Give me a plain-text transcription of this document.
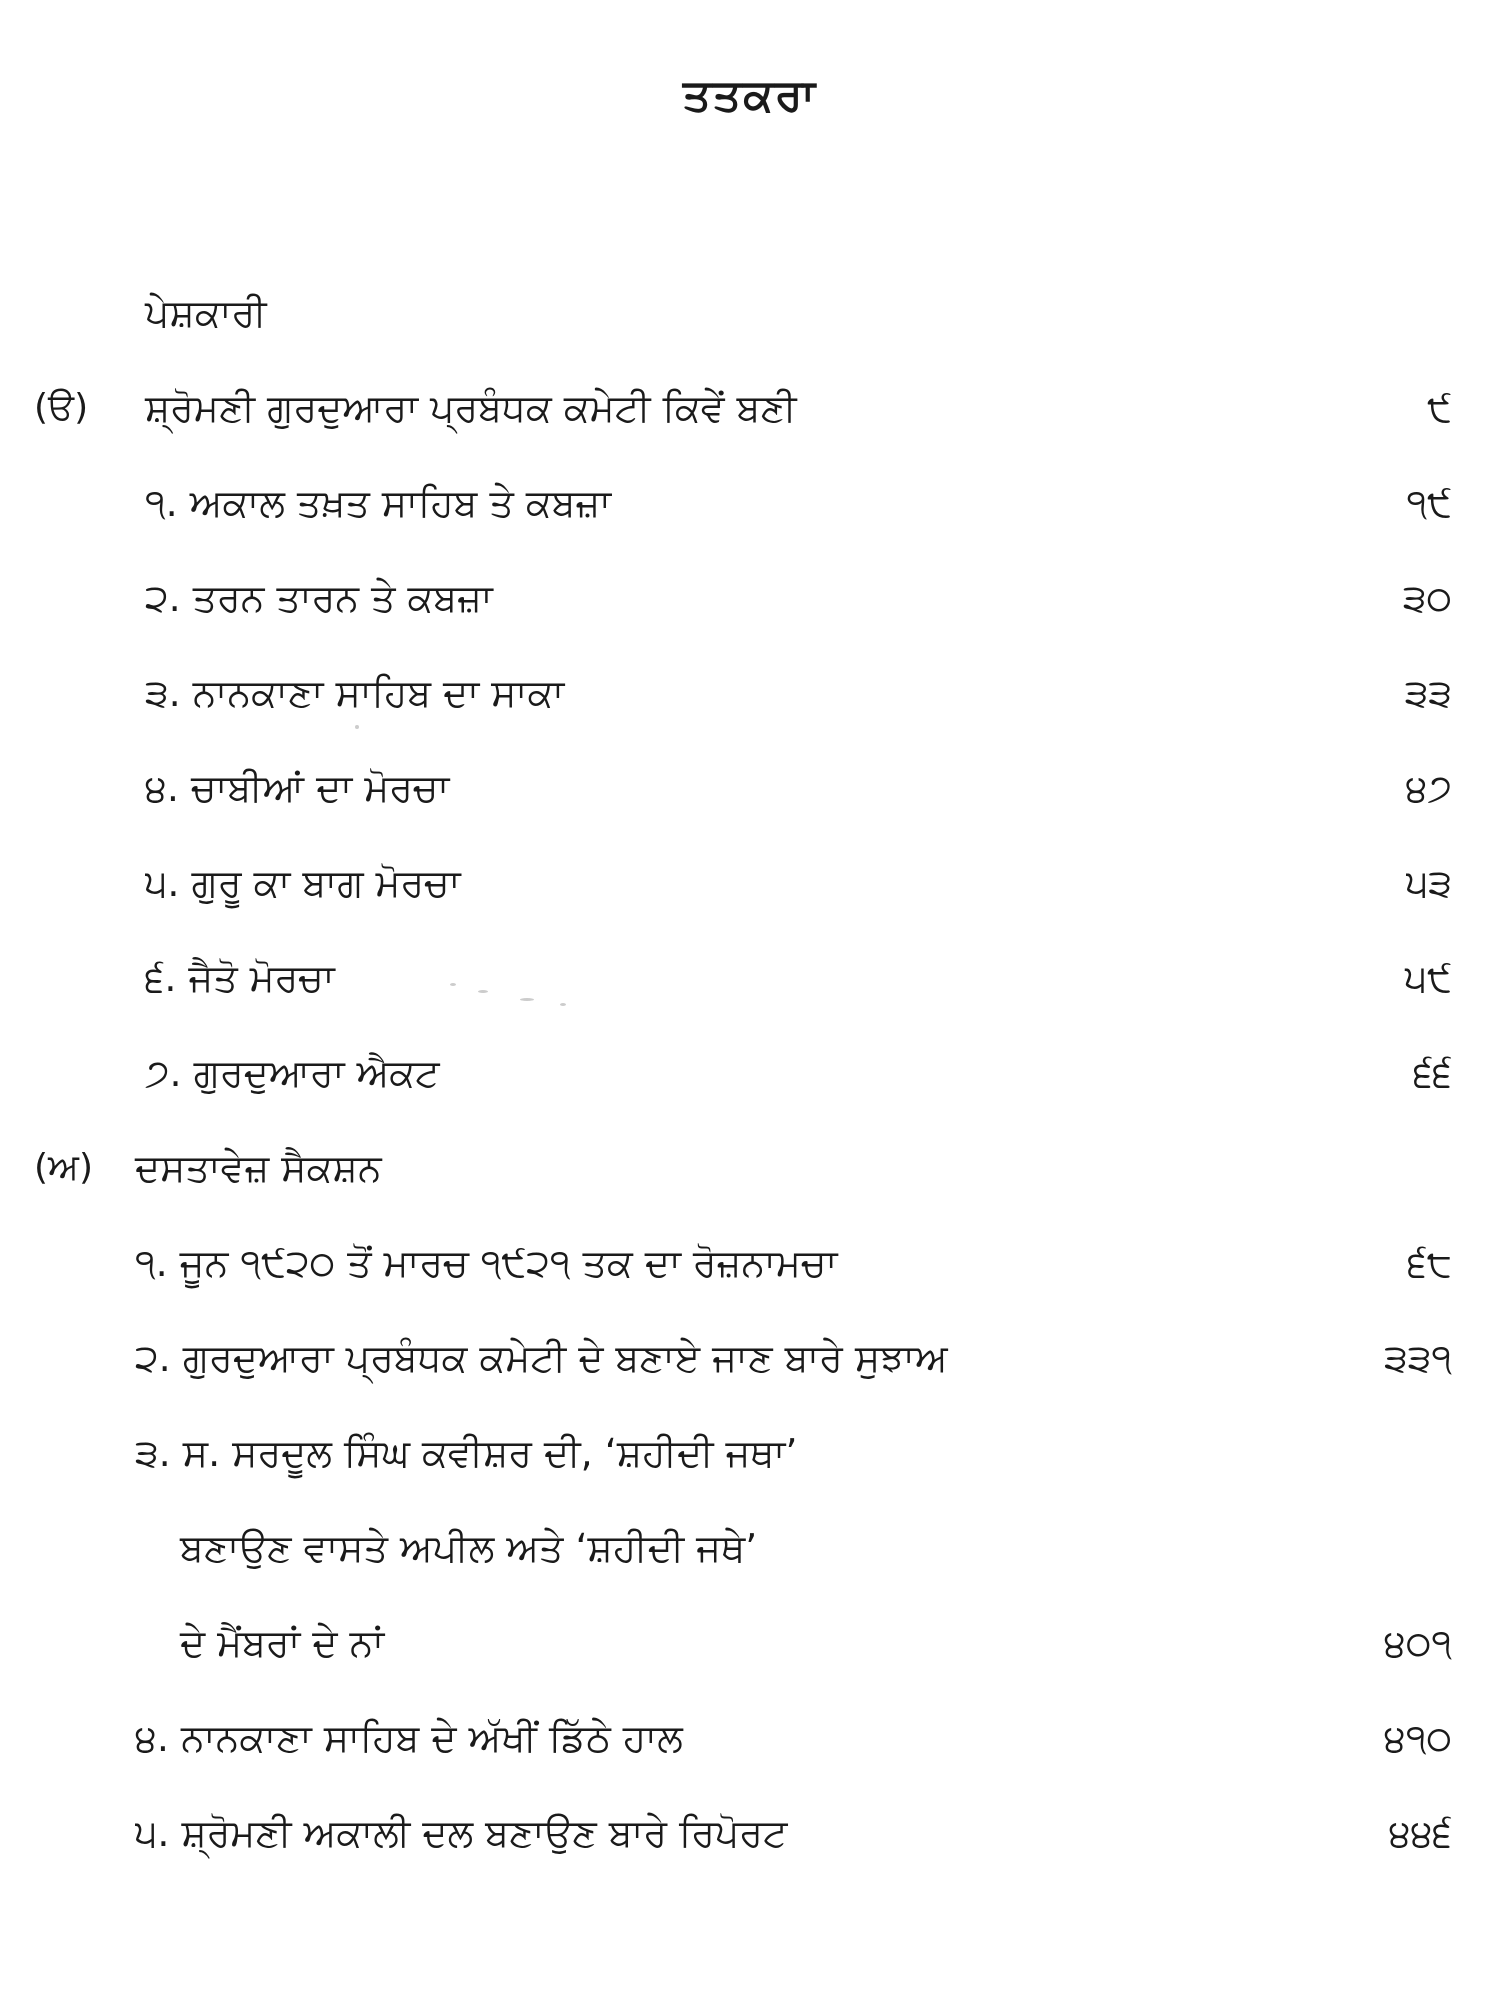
ਤਤਕਰਾ
ਪੇਸ਼ਕਾਰੀ
(ੳ) ਸ਼੍ਰੋਮਣੀ ਗੁਰਦੁਆਰਾ ਪ੍ਰਬੰਧਕ ਕਮੇਟੀ ਕਿਵੇਂ ਬਣੀ	੯
੧. ਅਕਾਲ ਤਖ਼ਤ ਸਾਹਿਬ ਤੇ ਕਬਜ਼ਾ	੧੯
੨. ਤਰਨ ਤਾਰਨ ਤੇ ਕਬਜ਼ਾ	੩੦
੩. ਨਾਨਕਾਣਾ ਸਾਹਿਬ ਦਾ ਸਾਕਾ	੩੩
੪. ਚਾਬੀਆਂ ਦਾ ਮੋਰਚਾ	੪੭
੫. ਗੁਰੂ ਕਾ ਬਾਗ ਮੋਰਚਾ	੫੩
੬. ਜੈਤੋ ਮੋਰਚਾ	੫੯
੭. ਗੁਰਦੁਆਰਾ ਐਕਟ	੬੬
(ਅ) ਦਸਤਾਵੇਜ਼ ਸੈਕਸ਼ਨ
੧. ਜੂਨ ੧੯੨੦ ਤੋਂ ਮਾਰਚ ੧੯੨੧ ਤਕ ਦਾ ਰੋਜ਼ਨਾਮਚਾ	੬੮
੨. ਗੁਰਦੁਆਰਾ ਪ੍ਰਬੰਧਕ ਕਮੇਟੀ ਦੇ ਬਣਾਏ ਜਾਣ ਬਾਰੇ ਸੁਝਾਅ	੩੩੧
੩. ਸ. ਸਰਦੂਲ ਸਿੰਘ ਕਵੀਸ਼ਰ ਦੀ, ‘ਸ਼ਹੀਦੀ ਜਥਾ’
ਬਣਾਉਣ ਵਾਸਤੇ ਅਪੀਲ ਅਤੇ ‘ਸ਼ਹੀਦੀ ਜਥੇ’
ਦੇ ਮੈਂਬਰਾਂ ਦੇ ਨਾਂ	੪੦੧
੪. ਨਾਨਕਾਣਾ ਸਾਹਿਬ ਦੇ ਅੱਖੀਂ ਡਿੱਠੇ ਹਾਲ	੪੧੦
੫. ਸ਼੍ਰੋਮਣੀ ਅਕਾਲੀ ਦਲ ਬਣਾਉਣ ਬਾਰੇ ਰਿਪੋਰਟ	੪੪੬
